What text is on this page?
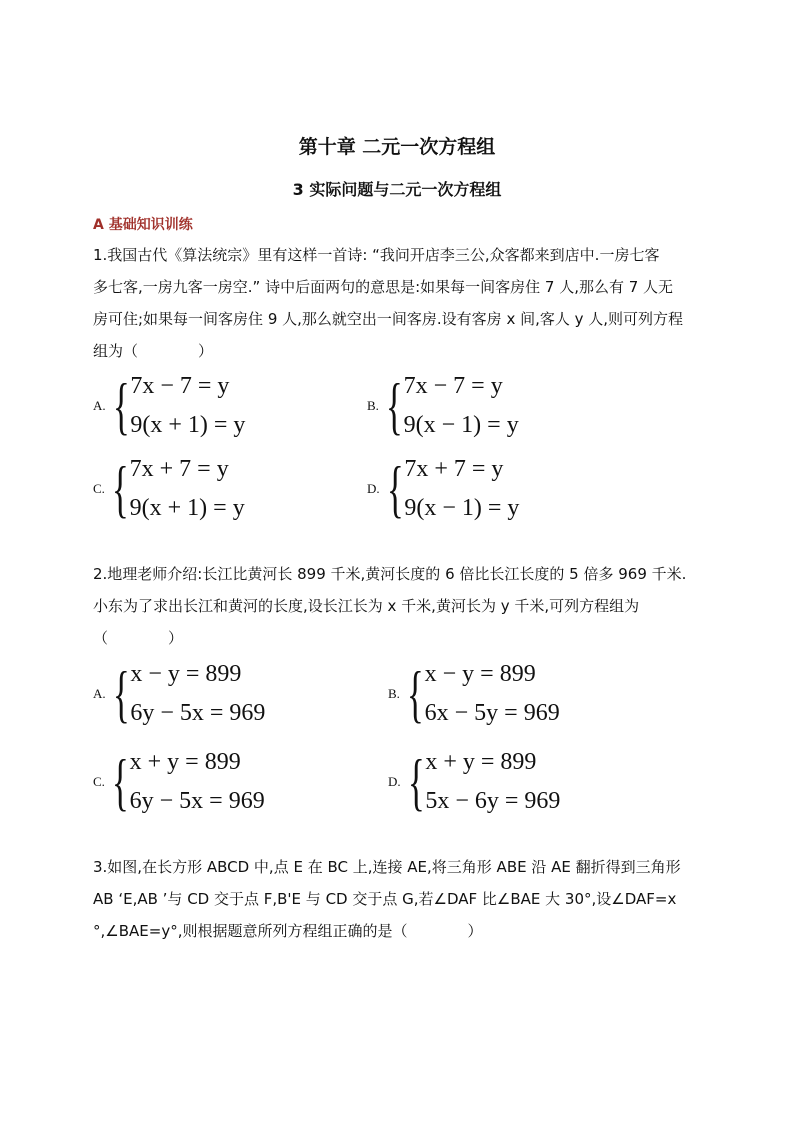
第十章 二元一次方程组
3 实际问题与二元一次方程组
A 基础知识训练
1.我国古代《算法统宗》里有这样一首诗: “我问开店李三公,众客都来到店中.一房七客
多七客,一房九客一房空.” 诗中后面两句的意思是:如果每一间客房住 7 人,那么有 7 人无
房可住;如果每一间客房住 9 人,那么就空出一间客房.设有客房 x 间,客人 y 人,则可列方程
组为（　　　　）
A. { 7x − 7 = y
9(x + 1) = y
B. { 7x − 7 = y
9(x − 1) = y
C. { 7x + 7 = y
9(x + 1) = y
D. { 7x + 7 = y
9(x − 1) = y
2.地理老师介绍:长江比黄河长 899 千米,黄河长度的 6 倍比长江长度的 5 倍多 969 千米.
小东为了求出长江和黄河的长度,设长江长为 x 千米,黄河长为 y 千米,可列方程组为
（　　　　）
A. { x − y = 899
6y − 5x = 969
B. { x − y = 899
6x − 5y = 969
C. { x + y = 899
6y − 5x = 969
D. { x + y = 899
5x − 6y = 969
3.如图,在长方形 ABCD 中,点 E 在 BC 上,连接 AE,将三角形 ABE 沿 AE 翻折得到三角形
AB ‘E,AB ’与 CD 交于点 F,B'E 与 CD 交于点 G,若∠DAF 比∠BAE 大 30°,设∠DAF=x
°,∠BAE=y°,则根据题意所列方程组正确的是（　　　　）
